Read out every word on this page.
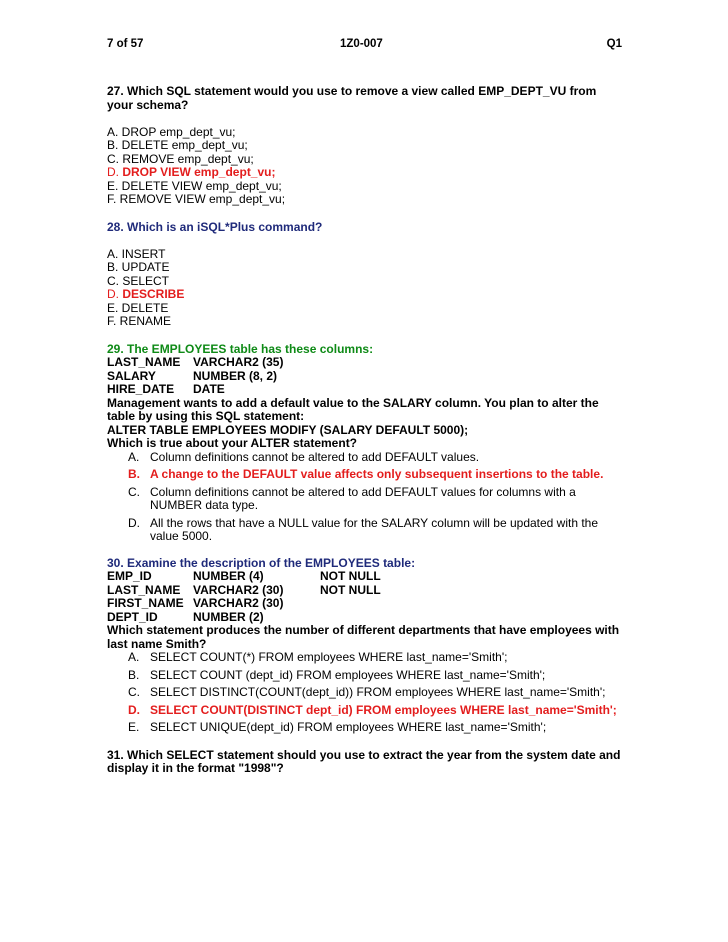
7 of 57	1Z0-007	Q1
27. Which SQL statement would you use to remove a view called EMP_DEPT_VU from your schema?
A. DROP emp_dept_vu;
B. DELETE emp_dept_vu;
C. REMOVE emp_dept_vu;
D. DROP VIEW emp_dept_vu;
E. DELETE VIEW emp_dept_vu;
F. REMOVE VIEW emp_dept_vu;
28. Which is an iSQL*Plus command?
A. INSERT
B. UPDATE
C. SELECT
D. DESCRIBE
E. DELETE
F. RENAME
29. The EMPLOYEES table has these columns:
LAST_NAME	VARCHAR2 (35)
SALARY	NUMBER (8, 2)
HIRE_DATE	DATE
Management wants to add a default value to the SALARY column. You plan to alter the table by using this SQL statement:
ALTER TABLE EMPLOYEES MODIFY (SALARY DEFAULT 5000);
Which is true about your ALTER statement?
A. Column definitions cannot be altered to add DEFAULT values.
B. A change to the DEFAULT value affects only subsequent insertions to the table.
C. Column definitions cannot be altered to add DEFAULT values for columns with a NUMBER data type.
D. All the rows that have a NULL value for the SALARY column will be updated with the value 5000.
30. Examine the description of the EMPLOYEES table:
EMP_ID	NUMBER (4)	NOT NULL
LAST_NAME	VARCHAR2 (30)	NOT NULL
FIRST_NAME VARCHAR2 (30)
DEPT_ID	NUMBER (2)
Which statement produces the number of different departments that have employees with last name Smith?
A. SELECT COUNT(*) FROM employees WHERE last_name='Smith';
B. SELECT COUNT (dept_id) FROM employees WHERE last_name='Smith';
C. SELECT DISTINCT(COUNT(dept_id)) FROM employees WHERE last_name='Smith';
D. SELECT COUNT(DISTINCT dept_id) FROM employees WHERE last_name='Smith';
E. SELECT UNIQUE(dept_id) FROM employees WHERE last_name='Smith';
31. Which SELECT statement should you use to extract the year from the system date and display it in the format "1998"?
